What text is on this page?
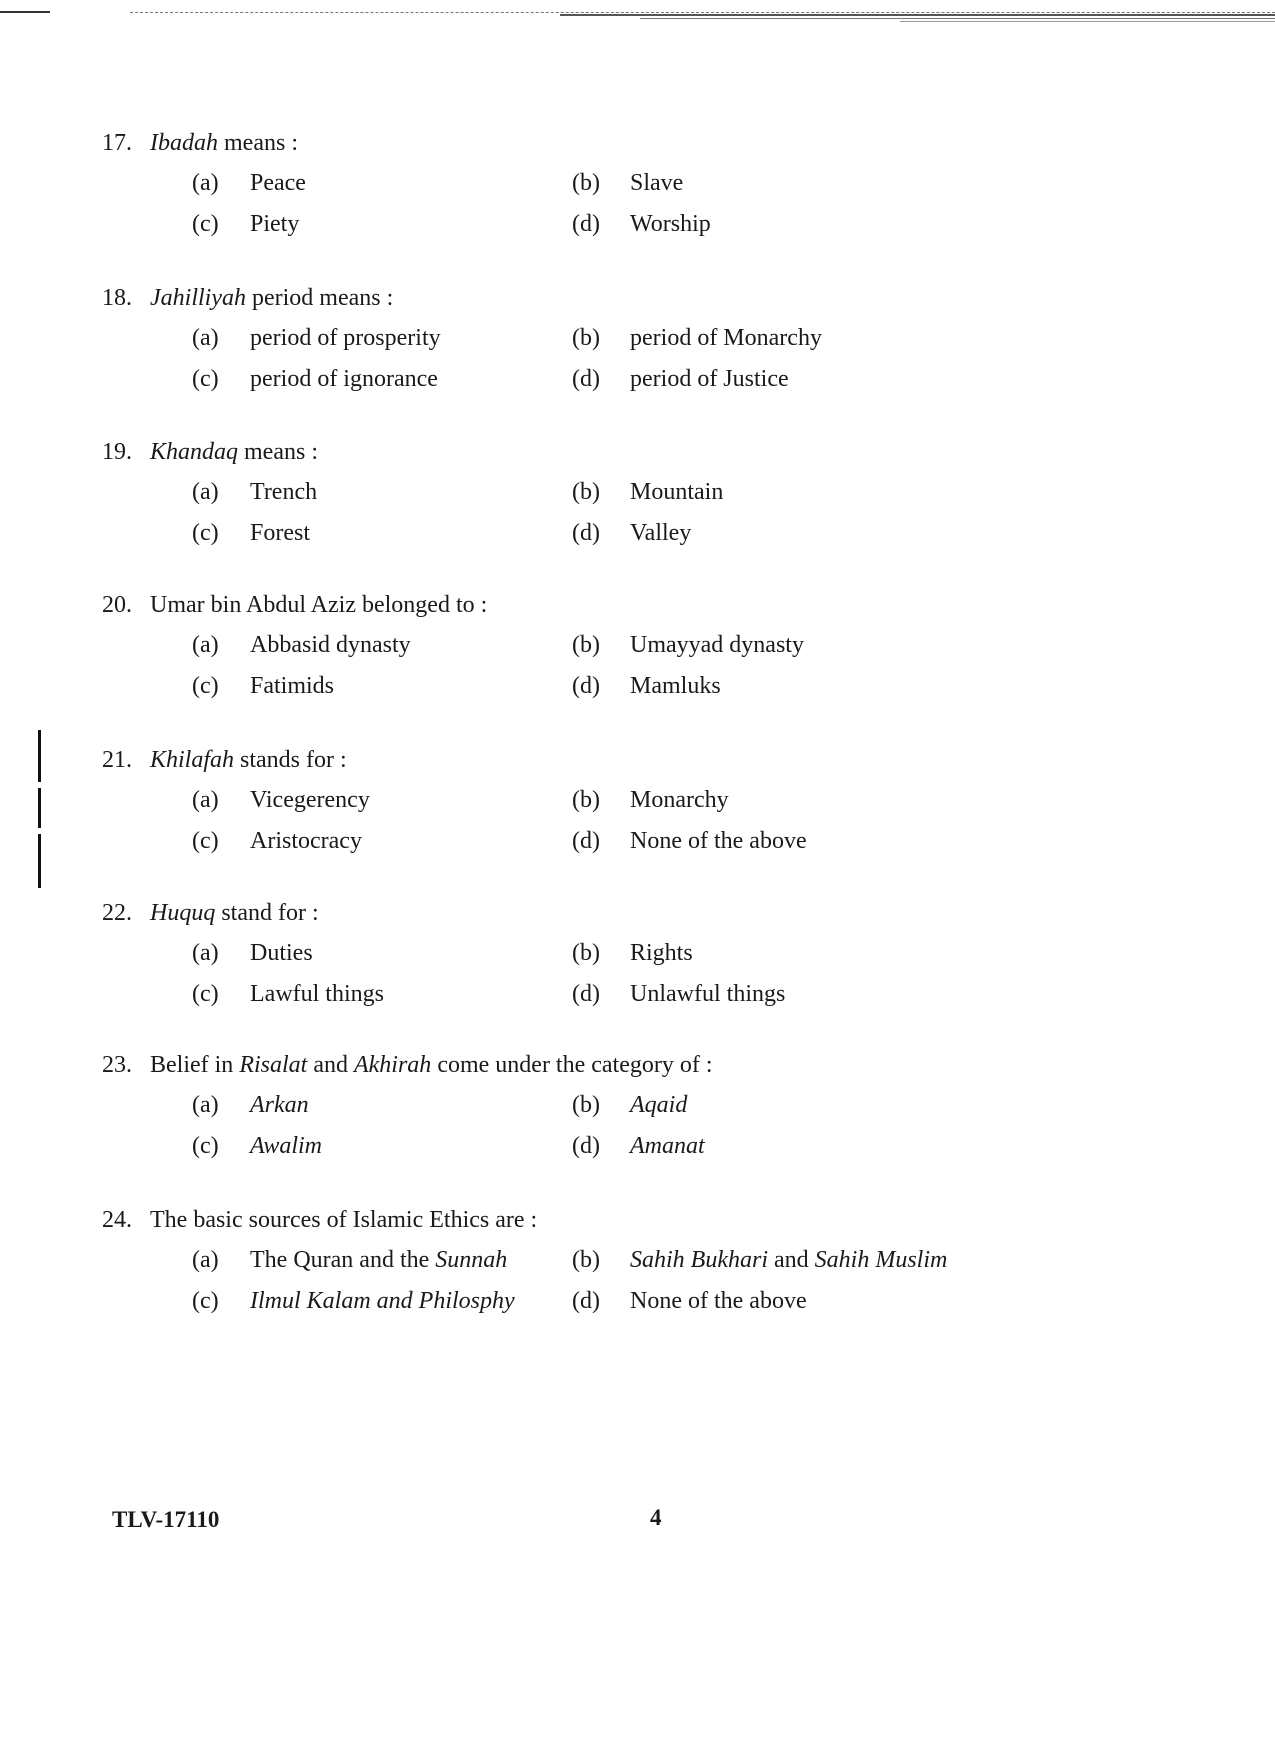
17. Ibadah means :
(a)	Peace	(b)	Slave
(c)	Piety	(d)	Worship
18. Jahilliyah period means :
(a)	period of prosperity	(b)	period of Monarchy
(c)	period of ignorance	(d)	period of Justice
19. Khandaq means :
(a)	Trench	(b)	Mountain
(c)	Forest	(d)	Valley
20. Umar bin Abdul Aziz belonged to :
(a)	Abbasid dynasty	(b)	Umayyad dynasty
(c)	Fatimids	(d)	Mamluks
21. Khilafah stands for :
(a)	Vicegerency	(b)	Monarchy
(c)	Aristocracy	(d)	None of the above
22. Huquq stand for :
(a)	Duties	(b)	Rights
(c)	Lawful things	(d)	Unlawful things
23. Belief in Risalat and Akhirah come under the category of :
(a)	Arkan	(b)	Aqaid
(c)	Awalim	(d)	Amanat
24. The basic sources of Islamic Ethics are :
(a)	The Quran and the Sunnah	(b)	Sahih Bukhari and Sahih Muslim
(c)	Ilmul Kalam and Philosphy (d)	None of the above
TLV-17110	4
